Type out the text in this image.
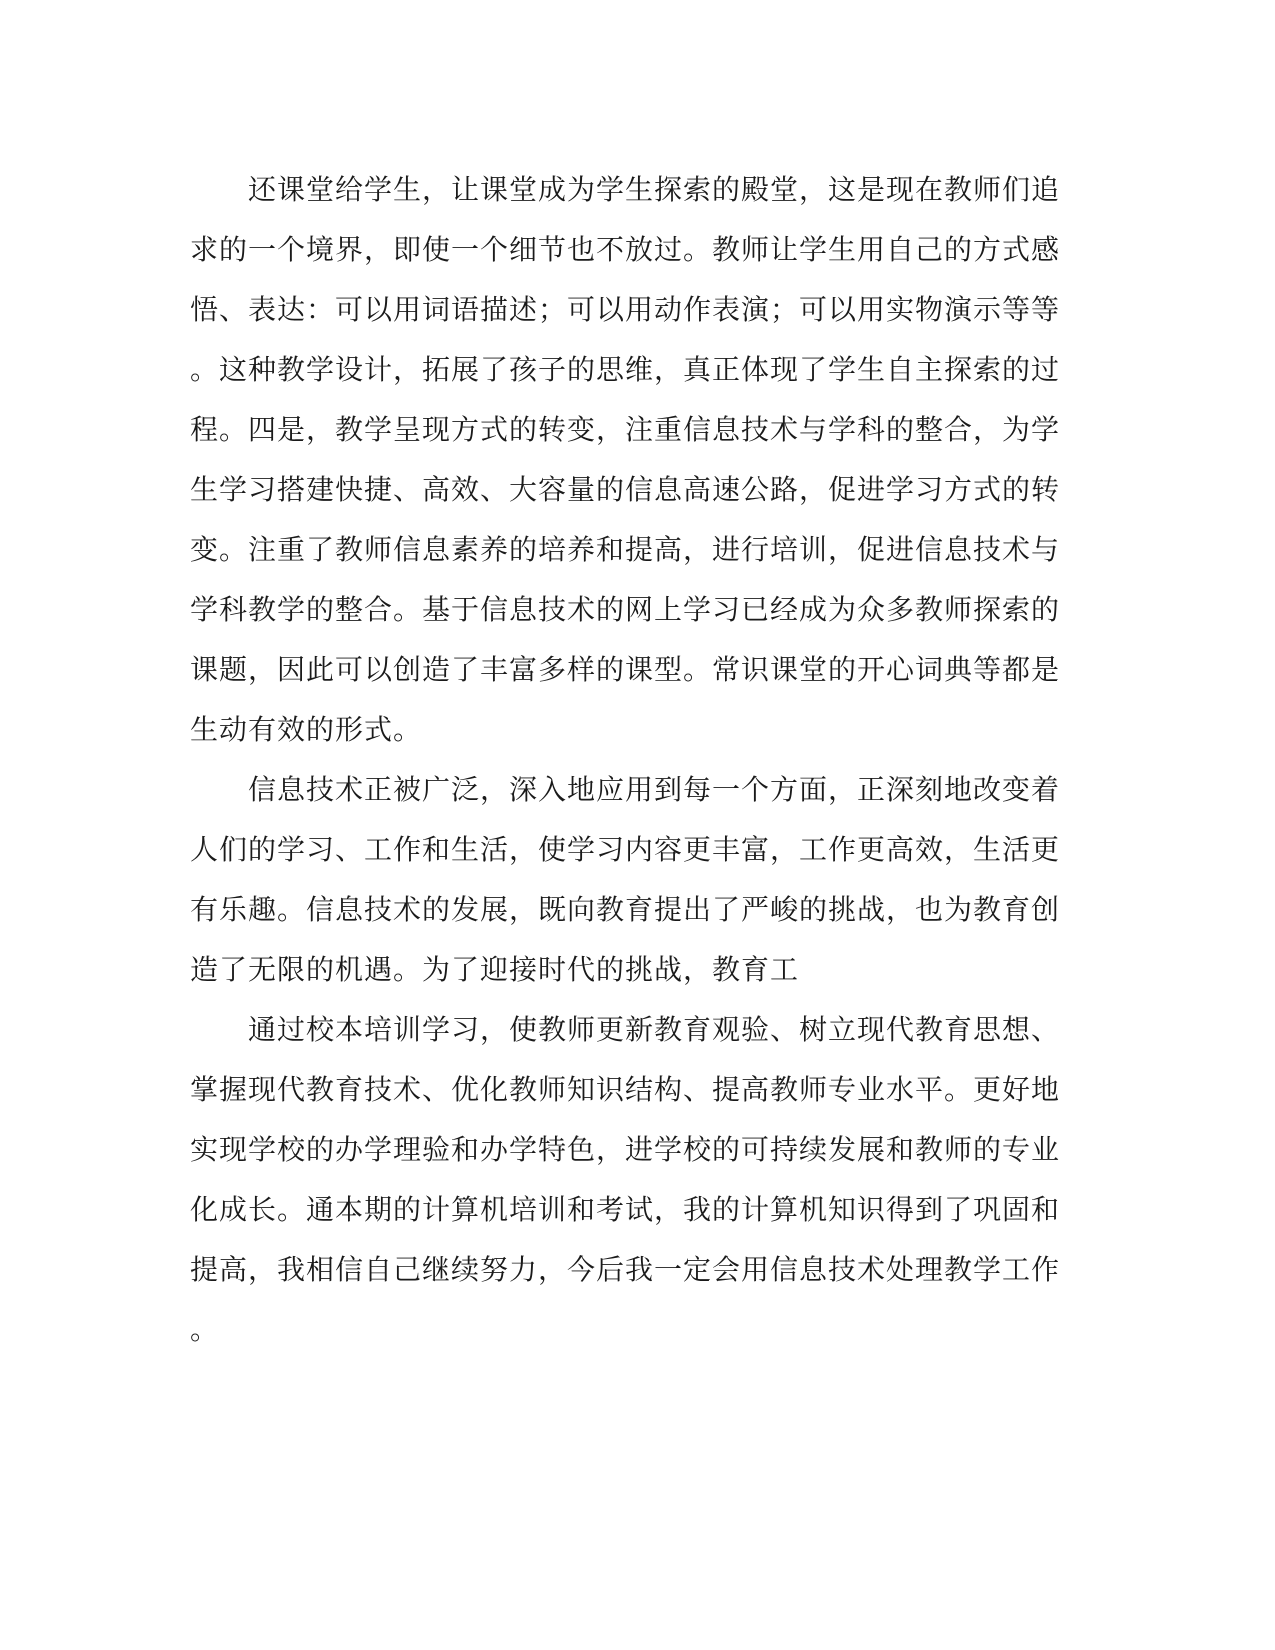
　　还课堂给学生，让课堂成为学生探索的殿堂，这是现在教师们追
求的一个境界，即使一个细节也不放过。教师让学生用自己的方式感
悟、表达：可以用词语描述；可以用动作表演；可以用实物演示等等
。这种教学设计，拓展了孩子的思维，真正体现了学生自主探索的过
程。四是，教学呈现方式的转变，注重信息技术与学科的整合，为学
生学习搭建快捷、高效、大容量的信息高速公路，促进学习方式的转
变。注重了教师信息素养的培养和提高，进行培训，促进信息技术与
学科教学的整合。基于信息技术的网上学习已经成为众多教师探索的
课题，因此可以创造了丰富多样的课型。常识课堂的开心词典等都是
生动有效的形式。
　　信息技术正被广泛，深入地应用到每一个方面，正深刻地改变着
人们的学习、工作和生活，使学习内容更丰富，工作更高效，生活更
有乐趣。信息技术的发展，既向教育提出了严峻的挑战，也为教育创
造了无限的机遇。为了迎接时代的挑战，教育工
　　通过校本培训学习，使教师更新教育观验、树立现代教育思想、
掌握现代教育技术、优化教师知识结构、提高教师专业水平。更好地
实现学校的办学理验和办学特色，进学校的可持续发展和教师的专业
化成长。通本期的计算机培训和考试，我的计算机知识得到了巩固和
提高，我相信自己继续努力，今后我一定会用信息技术处理教学工作
。
